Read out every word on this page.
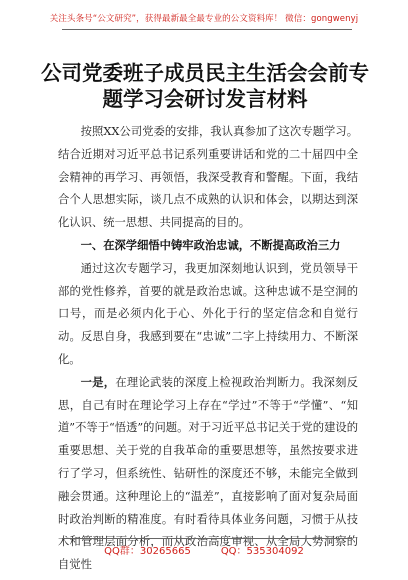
关注头条号“公文研究”，获得最新最全最专业的公文资料库！ 微信：gongwenyj
公司党委班子成员民主生活会会前专题学习会研讨发言材料

按照XX公司党委的安排，我认真参加了这次专题学习。结合近期对习近平总书记系列重要讲话和党的二十届四中全会精神的再学习、再领悟，我深受教育和警醒。下面，我结合个人思想实际，谈几点不成熟的认识和体会，以期达到深化认识、统一思想、共同提高的目的。

一、在深学细悟中铸牢政治忠诚，不断提高政治三力

通过这次专题学习，我更加深刻地认识到，党员领导干部的党性修养，首要的就是政治忠诚。这种忠诚不是空洞的口号，而是必须内化于心、外化于行的坚定信念和自觉行动。反思自身，我感到要在“忠诚”二字上持续用力、不断深化。

一是，在理论武装的深度上检视政治判断力。我深刻反思，自己有时在理论学习上存在“学过”不等于“学懂”、“知道”不等于“悟透”的问题。对于习近平总书记关于党的建设的重要思想、关于党的自我革命的重要思想等，虽然按要求进行了学习，但系统性、钻研性的深度还不够，未能完全做到融会贯通。这种理论上的“温差”，直接影响了面对复杂局面时政治判断的精准度。有时看待具体业务问题，习惯于从技术和管理层面分析，而从政治高度审视、从全局大势洞察的自觉性

QQ群：30265665	QQ：535304092
